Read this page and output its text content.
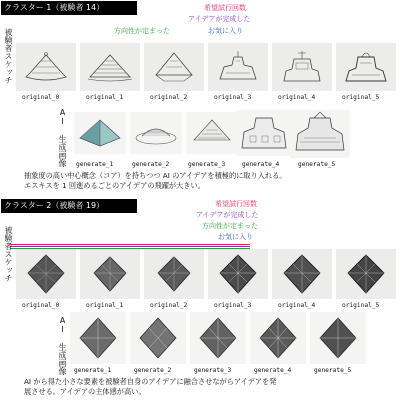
クラスター 1（被験者 14）	希望試行回数
アイデアが完成した
方向性が定まった	お気に入り
被験者スケッチ
original_0	original_1	original_2	original_3	original_4	original_5
AI 生成画像 generate_1	generate_2	generate_3	generate_4	generate_5
抽象度の高い中心概念（コア）を持ちつつ AI のアイデアを積極的に取り入れる。
エスキスを 1 回進めるごとのアイデアの飛躍が大きい。
クラスター 2（被験者 19）	希望試行回数
アイデアが完成した
方向性が定まった
お気に入り
被験者スケッチ
original_0	original_1	original_2	original_3	original_4	original_5
AI 生成画像 generate_1	generate_2	generate_3	generate_4	generate_5
AI から得た小さな要素を被験者自身のアイデアに融合させながらアイデアを発
展させる。アイデアの主体感が高い。
